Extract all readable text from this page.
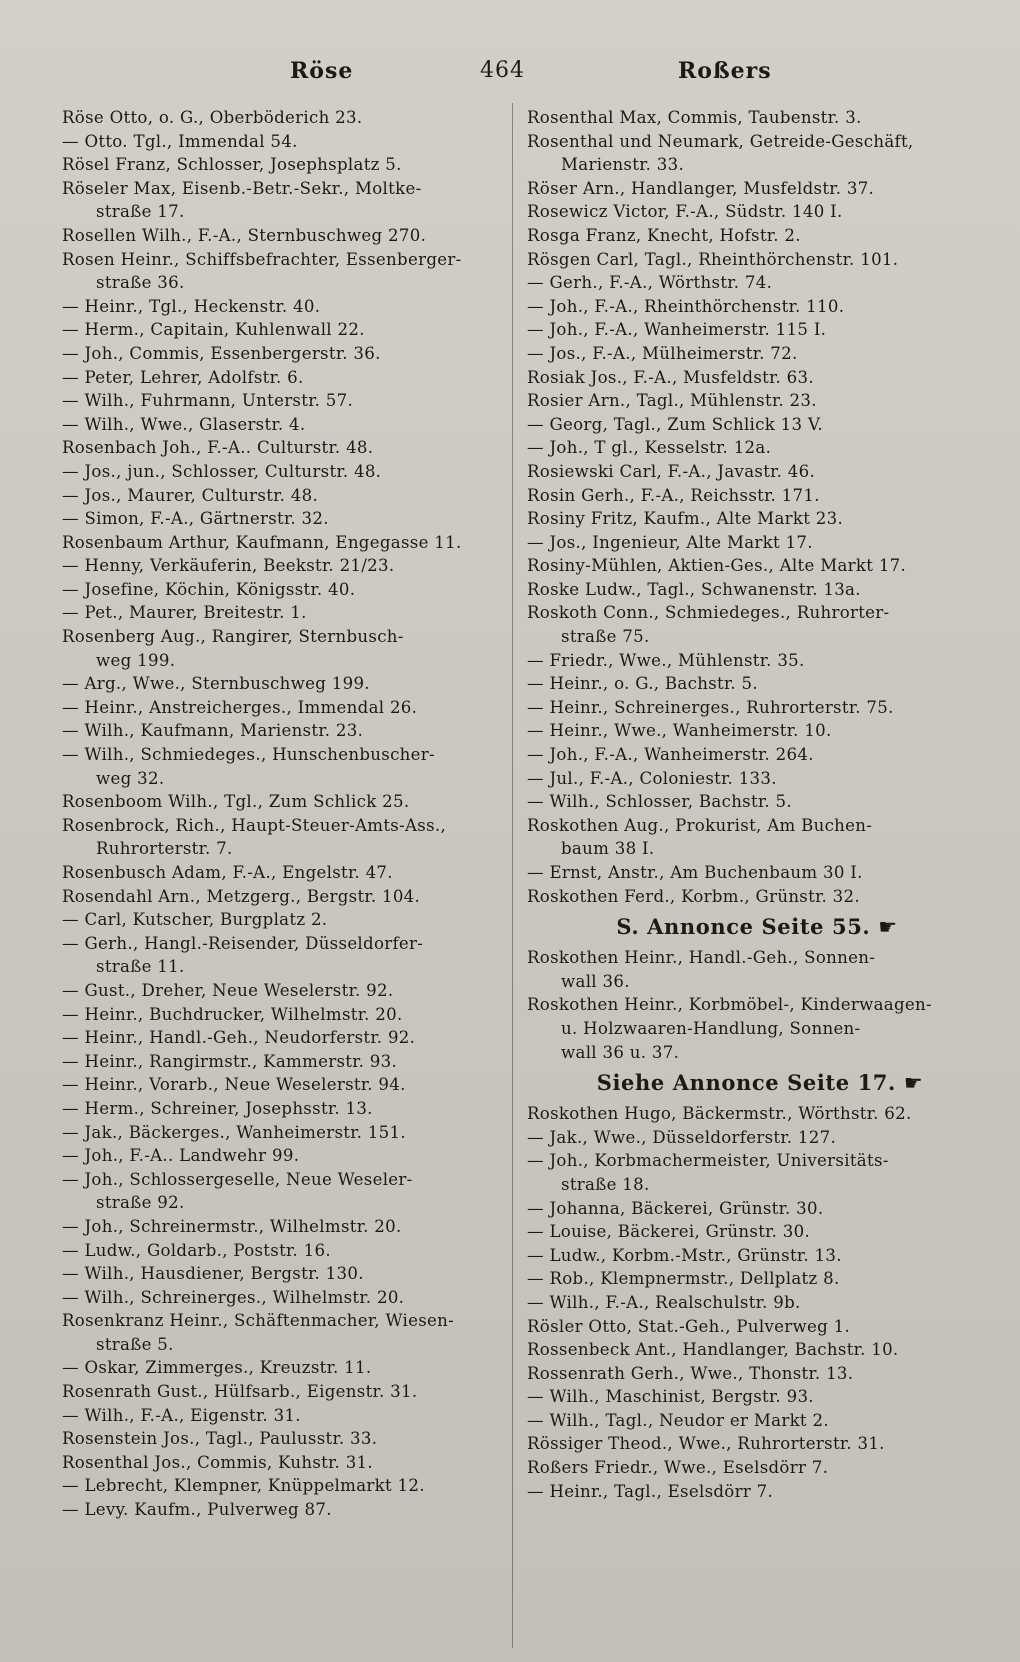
Röse	464	Roßers
Röse Otto, o. G., Oberböderich 23.
— Otto. Tgl., Immendal 54.
Rösel Franz, Schlosser, Josephsplatz 5.
Röseler Max, Eisenb.-Betr.-Sekr., Moltke-
straße 17.
Rosellen Wilh., F.-A., Sternbuschweg 270.
Rosen Heinr., Schiffsbefrachter, Essenberger-
straße 36.
— Heinr., Tgl., Heckenstr. 40.
— Herm., Capitain, Kuhlenwall 22.
— Joh., Commis, Essenbergerstr. 36.
— Peter, Lehrer, Adolfstr. 6.
— Wilh., Fuhrmann, Unterstr. 57.
— Wilh., Wwe., Glaserstr. 4.
Rosenbach Joh., F.-A.. Culturstr. 48.
— Jos., jun., Schlosser, Culturstr. 48.
— Jos., Maurer, Culturstr. 48.
— Simon, F.-A., Gärtnerstr. 32.
Rosenbaum Arthur, Kaufmann, Engegasse 11.
— Henny, Verkäuferin, Beekstr. 21/23.
— Josefine, Köchin, Königsstr. 40.
— Pet., Maurer, Breitestr. 1.
Rosenberg Aug., Rangirer, Sternbusch-
weg 199.
— Arg., Wwe., Sternbuschweg 199.
— Heinr., Anstreicherges., Immendal 26.
— Wilh., Kaufmann, Marienstr. 23.
— Wilh., Schmiedeges., Hunschenbuscher-
weg 32.
Rosenboom Wilh., Tgl., Zum Schlick 25.
Rosenbrock, Rich., Haupt-Steuer-Amts-Ass.,
Ruhrorterstr. 7.
Rosenbusch Adam, F.-A., Engelstr. 47.
Rosendahl Arn., Metzgerg., Bergstr. 104.
— Carl, Kutscher, Burgplatz 2.
— Gerh., Hangl.-Reisender, Düsseldorfer-
straße 11.
— Gust., Dreher, Neue Weselerstr. 92.
— Heinr., Buchdrucker, Wilhelmstr. 20.
— Heinr., Handl.-Geh., Neudorferstr. 92.
— Heinr., Rangirmstr., Kammerstr. 93.
— Heinr., Vorarb., Neue Weselerstr. 94.
— Herm., Schreiner, Josephsstr. 13.
— Jak., Bäckerges., Wanheimerstr. 151.
— Joh., F.-A.. Landwehr 99.
— Joh., Schlossergeselle, Neue Weseler-
straße 92.
— Joh., Schreinermstr., Wilhelmstr. 20.
— Ludw., Goldarb., Poststr. 16.
— Wilh., Hausdiener, Bergstr. 130.
— Wilh., Schreinerges., Wilhelmstr. 20.
Rosenkranz Heinr., Schäftenmacher, Wiesen-
straße 5.
— Oskar, Zimmerges., Kreuzstr. 11.
Rosenrath Gust., Hülfsarb., Eigenstr. 31.
— Wilh., F.-A., Eigenstr. 31.
Rosenstein Jos., Tagl., Paulusstr. 33.
Rosenthal Jos., Commis, Kuhstr. 31.
— Lebrecht, Klempner, Knüppelmarkt 12.
— Levy. Kaufm., Pulverweg 87.
Rosenthal Max, Commis, Taubenstr. 3.
Rosenthal und Neumark, Getreide-Geschäft,
Marienstr. 33.
Röser Arn., Handlanger, Musfeldstr. 37.
Rosewicz Victor, F.-A., Südstr. 140 I.
Rosga Franz, Knecht, Hofstr. 2.
Rösgen Carl, Tagl., Rheinthörchenstr. 101.
— Gerh., F.-A., Wörthstr. 74.
— Joh., F.-A., Rheinthörchenstr. 110.
— Joh., F.-A., Wanheimerstr. 115 I.
— Jos., F.-A., Mülheimerstr. 72.
Rosiak Jos., F.-A., Musfeldstr. 63.
Rosier Arn., Tagl., Mühlenstr. 23.
— Georg, Tagl., Zum Schlick 13 V.
— Joh., T gl., Kesselstr. 12a.
Rosiewski Carl, F.-A., Javastr. 46.
Rosin Gerh., F.-A., Reichsstr. 171.
Rosiny Fritz, Kaufm., Alte Markt 23.
— Jos., Ingenieur, Alte Markt 17.
Rosiny-Mühlen, Aktien-Ges., Alte Markt 17.
Roske Ludw., Tagl., Schwanenstr. 13a.
Roskoth Conn., Schmiedeges., Ruhrorter-
straße 75.
— Friedr., Wwe., Mühlenstr. 35.
— Heinr., o. G., Bachstr. 5.
— Heinr., Schreinerges., Ruhrorterstr. 75.
— Heinr., Wwe., Wanheimerstr. 10.
— Joh., F.-A., Wanheimerstr. 264.
— Jul., F.-A., Coloniestr. 133.
— Wilh., Schlosser, Bachstr. 5.
Roskothen Aug., Prokurist, Am Buchen-
baum 38 I.
— Ernst, Anstr., Am Buchenbaum 30 I.
Roskothen Ferd., Korbm., Grünstr. 32.
S. Annonce Seite 55. ☛
Roskothen Heinr., Handl.-Geh., Sonnen-
wall 36.
Roskothen Heinr., Korbmöbel-, Kinderwaagen-
u. Holzwaaren-Handlung, Sonnen-
wall 36 u. 37.
Siehe Annonce Seite 17. ☛
Roskothen Hugo, Bäckermstr., Wörthstr. 62.
— Jak., Wwe., Düsseldorferstr. 127.
— Joh., Korbmachermeister, Universitäts-
straße 18.
— Johanna, Bäckerei, Grünstr. 30.
— Louise, Bäckerei, Grünstr. 30.
— Ludw., Korbm.-Mstr., Grünstr. 13.
— Rob., Klempnermstr., Dellplatz 8.
— Wilh., F.-A., Realschulstr. 9b.
Rösler Otto, Stat.-Geh., Pulverweg 1.
Rossenbeck Ant., Handlanger, Bachstr. 10.
Rossenrath Gerh., Wwe., Thonstr. 13.
— Wilh., Maschinist, Bergstr. 93.
— Wilh., Tagl., Neudor er Markt 2.
Rössiger Theod., Wwe., Ruhrorterstr. 31.
Roßers Friedr., Wwe., Eselsdörr 7.
— Heinr., Tagl., Eselsdörr 7.
